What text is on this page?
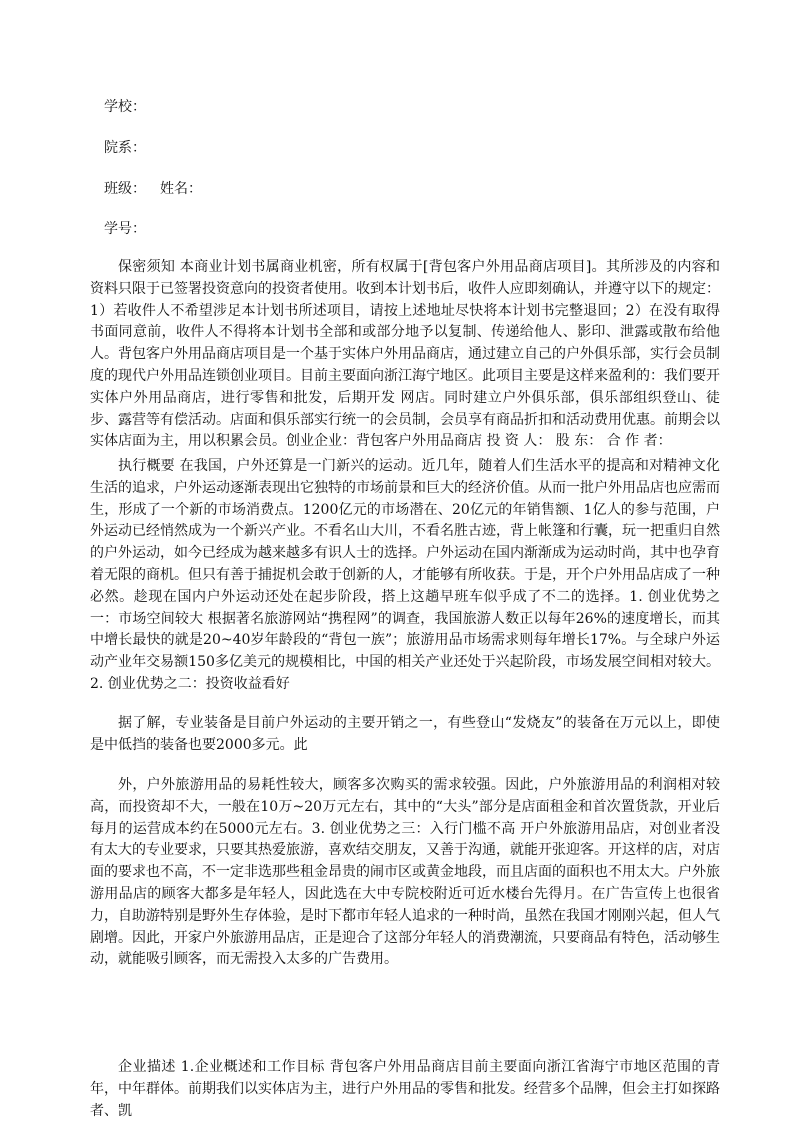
学校：
院系：
班级： 姓名：
学号：

保密须知 本商业计划书属商业机密，所有权属于[背包客户外用品商店项目]。其所涉及的内容和资料只限于已签署投资意向的投资者使用。收到本计划书后，收件人应即刻确认，并遵守以下的规定：1）若收件人不希望涉足本计划书所述项目，请按上述地址尽快将本计划书完整退回；2）在没有取得书面同意前，收件人不得将本计划书全部和或部分地予以复制、传递给他人、影印、泄露或散布给他人。背包客户外用品商店项目是一个基于实体户外用品商店，通过建立自己的户外俱乐部，实行会员制度的现代户外用品连锁创业项目。目前主要面向浙江海宁地区。此项目主要是这样来盈利的：我们要开实体户外用品商店，进行零售和批发，后期开发 网店。同时建立户外俱乐部，俱乐部组织登山、徒步、露营等有偿活动。店面和俱乐部实行统一的会员制，会员享有商品折扣和活动费用优惠。前期会以实体店面为主，用以积累会员。创业企业：背包客户外用品商店 投 资 人： 股 东： 合 作 者：

执行概要 在我国，户外还算是一门新兴的运动。近几年，随着人们生活水平的提高和对精神文化生活的追求，户外运动逐渐表现出它独特的市场前景和巨大的经济价值。从而一批户外用品店也应需而生，形成了一个新的市场消费点。1200亿元的市场潜在、20亿元的年销售额、1亿人的参与范围，户外运动已经悄然成为一个新兴产业。不看名山大川，不看名胜古迹，背上帐篷和行囊，玩一把重归自然的户外运动，如今已经成为越来越多有识人士的选择。户外运动在国内渐渐成为运动时尚，其中也孕育着无限的商机。但只有善于捕捉机会敢于创新的人，才能够有所收获。于是，开个户外用品店成了一种必然。趁现在国内户外运动还处在起步阶段，搭上这趟早班车似乎成了不二的选择。1. 创业优势之一：市场空间较大 根据著名旅游网站“携程网”的调查，我国旅游人数正以每年26%的速度增长，而其中增长最快的就是20~40岁年龄段的“背包一族”；旅游用品市场需求则每年增长17%。与全球户外运动产业年交易额150多亿美元的规模相比，中国的相关产业还处于兴起阶段，市场发展空间相对较大。2. 创业优势之二：投资收益看好

据了解，专业装备是目前户外运动的主要开销之一，有些登山“发烧友”的装备在万元以上，即使是中低挡的装备也要2000多元。此

外，户外旅游用品的易耗性较大，顾客多次购买的需求较强。因此，户外旅游用品的利润相对较高，而投资却不大，一般在10万~20万元左右，其中的“大头”部分是店面租金和首次置货款，开业后每月的运营成本约在5000元左右。3. 创业优势之三：入行门槛不高 开户外旅游用品店，对创业者没有太大的专业要求，只要其热爱旅游，喜欢结交朋友，又善于沟通，就能开张迎客。开这样的店，对店面的要求也不高，不一定非选那些租金昂贵的闹市区或黄金地段，而且店面的面积也不用太大。户外旅游用品店的顾客大都多是年轻人，因此选在大中专院校附近可近水楼台先得月。在广告宣传上也很省力，自助游特别是野外生存体验，是时下都市年轻人追求的一种时尚，虽然在我国才刚刚兴起，但人气剧增。因此，开家户外旅游用品店，正是迎合了这部分年轻人的消费潮流，只要商品有特色，活动够生动，就能吸引顾客，而无需投入太多的广告费用。

企业描述 1.企业概述和工作目标 背包客户外用品商店目前主要面向浙江省海宁市地区范围的青年，中年群体。前期我们以实体店为主，进行户外用品的零售和批发。经营多个品牌，但会主打如探路者、凯
